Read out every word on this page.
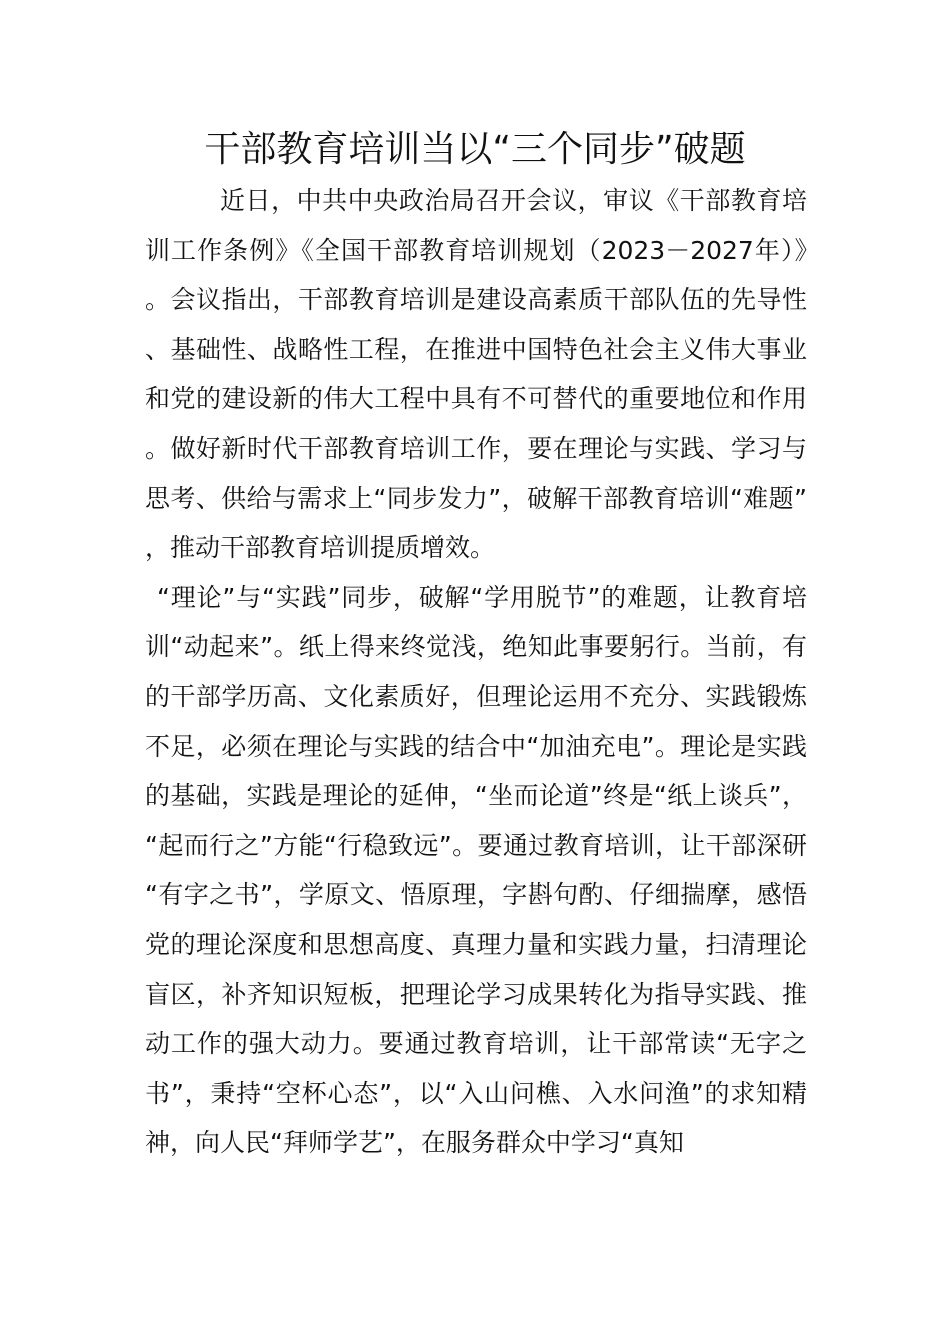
干部教育培训当以“三个同步”破题

近日，中共中央政治局召开会议，审议《干部教育培训工作条例》《全国干部教育培训规划（2023－2027年）》。会议指出，干部教育培训是建设高素质干部队伍的先导性、基础性、战略性工程，在推进中国特色社会主义伟大事业和党的建设新的伟大工程中具有不可替代的重要地位和作用。做好新时代干部教育培训工作，要在理论与实践、学习与思考、供给与需求上“同步发力”，破解干部教育培训“难题”，推动干部教育培训提质增效。

“理论”与“实践”同步，破解“学用脱节”的难题，让教育培训“动起来”。纸上得来终觉浅，绝知此事要躬行。当前，有的干部学历高、文化素质好，但理论运用不充分、实践锻炼不足，必须在理论与实践的结合中“加油充电”。理论是实践的基础，实践是理论的延伸，“坐而论道”终是“纸上谈兵”，“起而行之”方能“行稳致远”。要通过教育培训，让干部深研“有字之书”，学原文、悟原理，字斟句酌、仔细揣摩，感悟党的理论深度和思想高度、真理力量和实践力量，扫清理论盲区，补齐知识短板，把理论学习成果转化为指导实践、推动工作的强大动力。要通过教育培训，让干部常读“无字之书”，秉持“空杯心态”，以“入山问樵、入水问渔”的求知精神，向人民“拜师学艺”，在服务群众中学习“真知
